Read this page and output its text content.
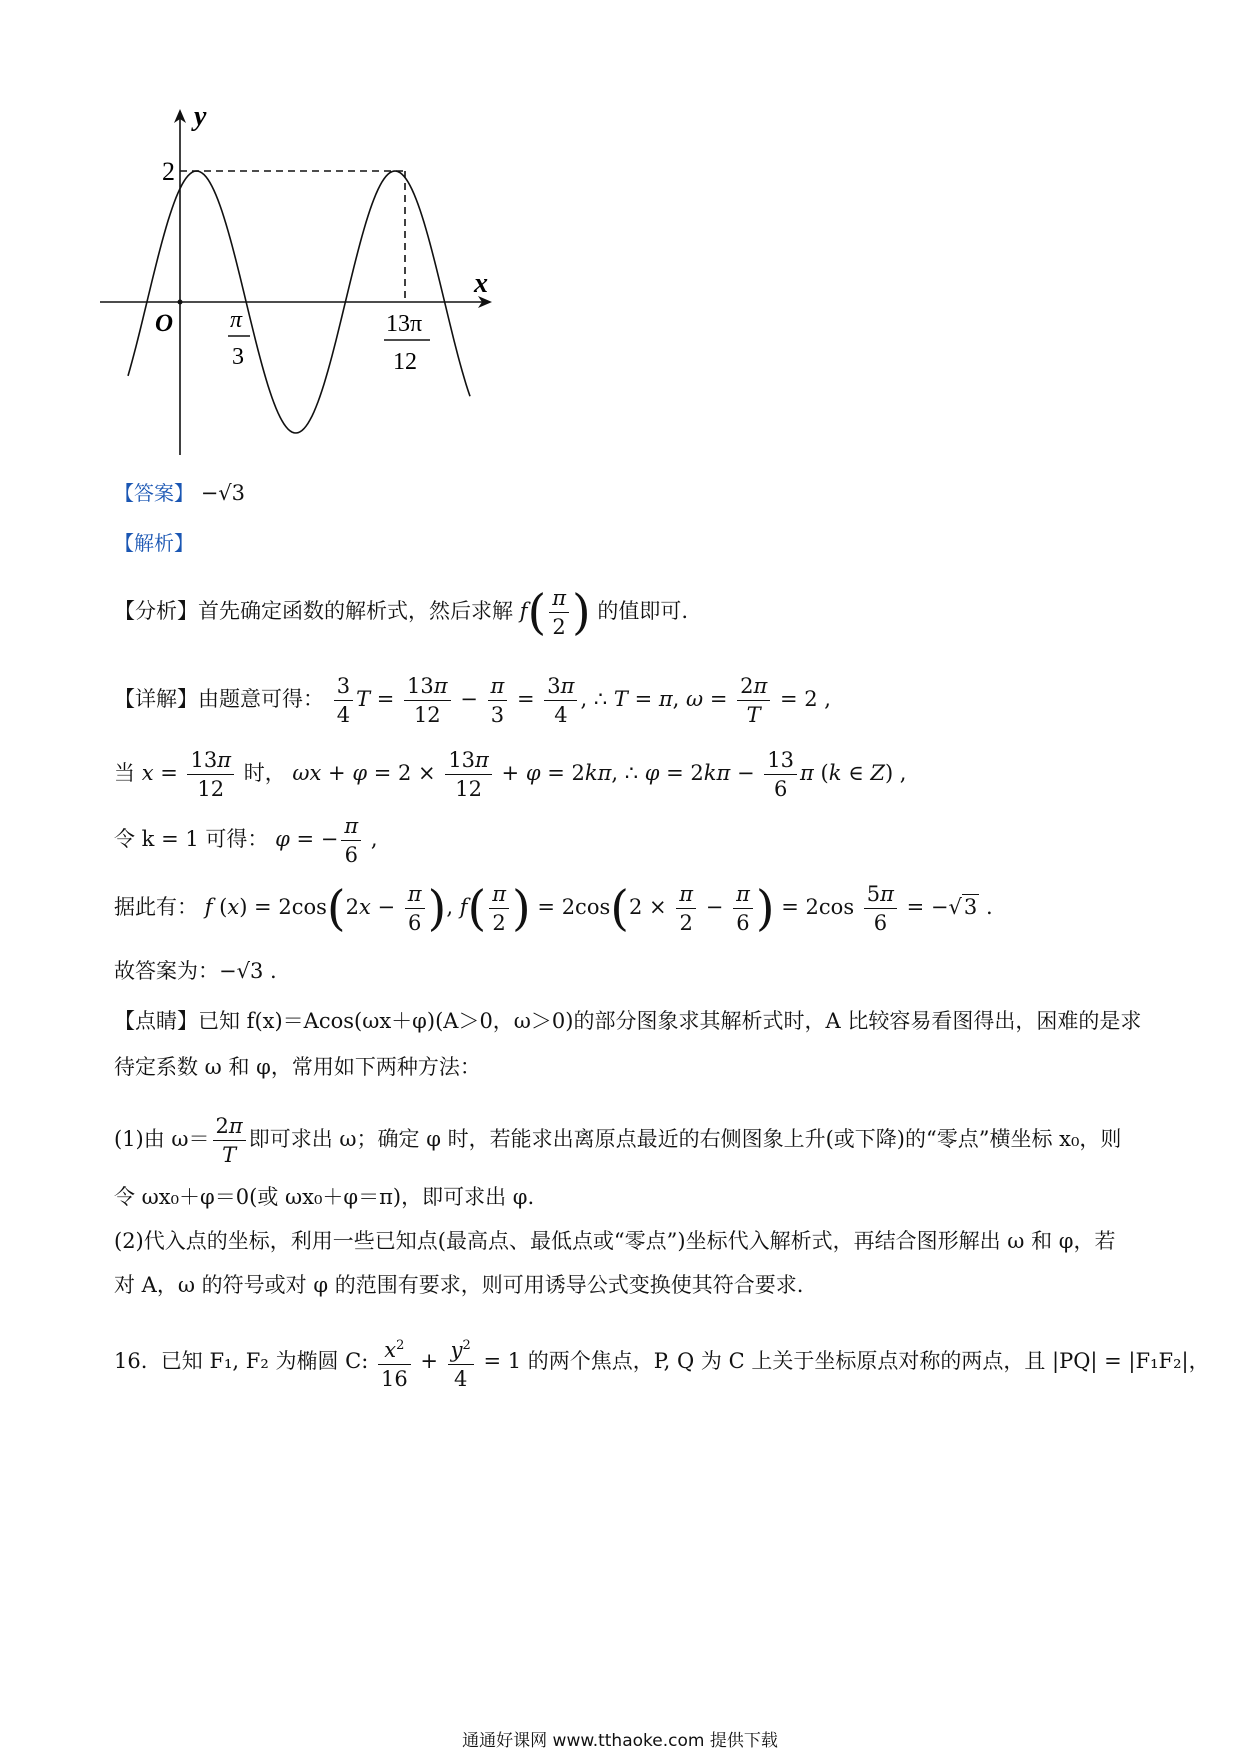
y
x
O
2
π
3
13π
12
【答案】 −√3
【解析】
【分析】首先确定函数的解析式，然后求解 $f( \frac{\pi}{2}$ ) 的值即可.
【详解】由题意可得： $\frac{3}{4}$ $T = \frac{13\pi}{12} - \frac{\pi}{3} = \frac{3\pi}{4}$ , ∴ T = π, $\omega = \frac{2\pi}{T} = 2$ ,
当 $x = \frac{13\pi}{12}$ 时， $\omega x + \varphi = 2 \times \frac{13\pi}{12} + \varphi = 2k\pi$, ∴ $\varphi = 2k\pi - \frac{13}{6}$ π (k ∈ Z) ,
令 k = 1 可得： φ = − $\frac{\pi}{6}$ ,
据此有： f $(x) = 2\cos(2x - \frac{\pi}{6}$ ), $f( \frac{\pi}{2}$ ) = $2\cos(2 \times \frac{\pi}{2} - \frac{\pi}{6}$ ) = $2\cos \frac{5\pi}{6} = -√3$ .
故答案为：−√3 .
【点睛】已知 f(x)＝Acos(ωx＋φ)(A＞0，ω＞0)的部分图象求其解析式时，A 比较容易看图得出，困难的是求
待定系数 ω 和 φ，常用如下两种方法：
(1)由 $\omega= \frac{2\pi}{T}$ 即可求出 ω；确定 φ 时，若能求出离原点最近的右侧图象上升(或下降)的“零点”横坐标 x₀，则
令 ωx₀＋φ＝0(或 ωx₀＋φ＝π)，即可求出 φ.
(2)代入点的坐标，利用一些已知点(最高点、最低点或“零点”)坐标代入解析式，再结合图形解出 ω 和 φ，若
对 A，ω 的符号或对 φ 的范围有要求，则可用诱导公式变换使其符合要求.
16. 已知 F₁, F₂ 为椭圆 C: $\frac{x^2}{16} + \frac{y^2}{4} = 1$ 的两个焦点，P, Q 为 C 上关于坐标原点对称的两点，且 |PQ| = |F₁F₂|，
通通好课网 www.tthaoke.com 提供下载
